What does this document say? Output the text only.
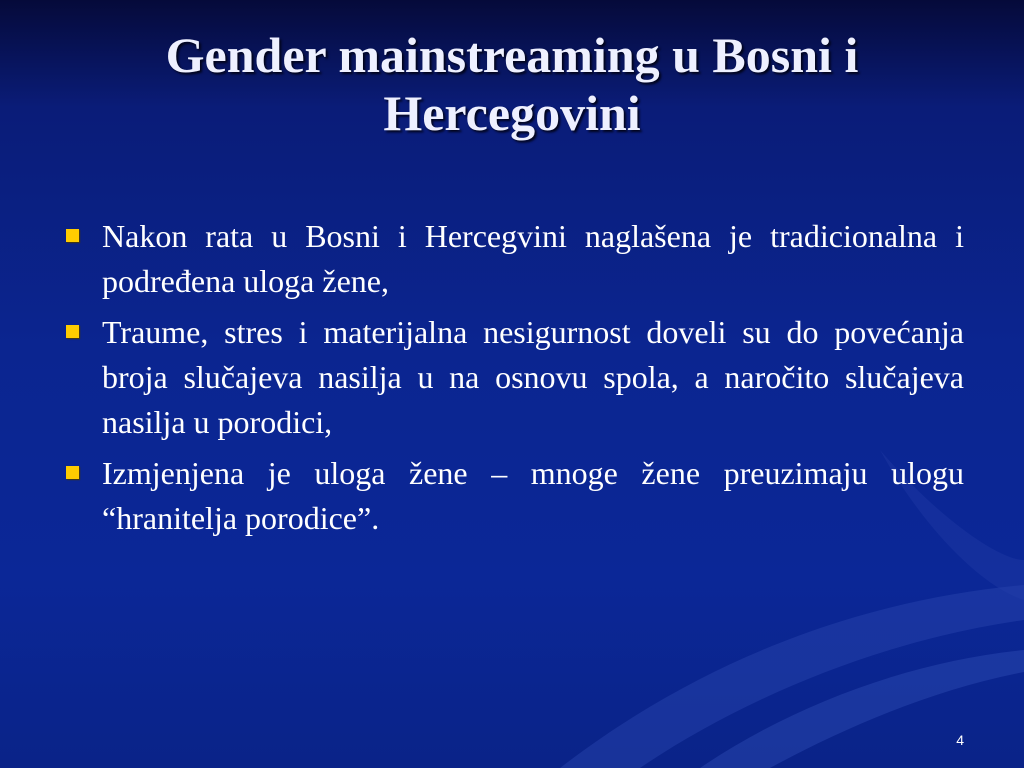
Gender mainstreaming u Bosni i Hercegovini
Nakon rata u Bosni i Hercegvini naglašena je tradicionalna i podređena uloga žene,
Traume, stres i materijalna nesigurnost doveli su do povećanja broja slučajeva nasilja u na osnovu spola, a naročito slučajeva nasilja u porodici,
Izmjenjena je uloga žene – mnoge žene preuzimaju ulogu “hranitelja porodice”.
4
